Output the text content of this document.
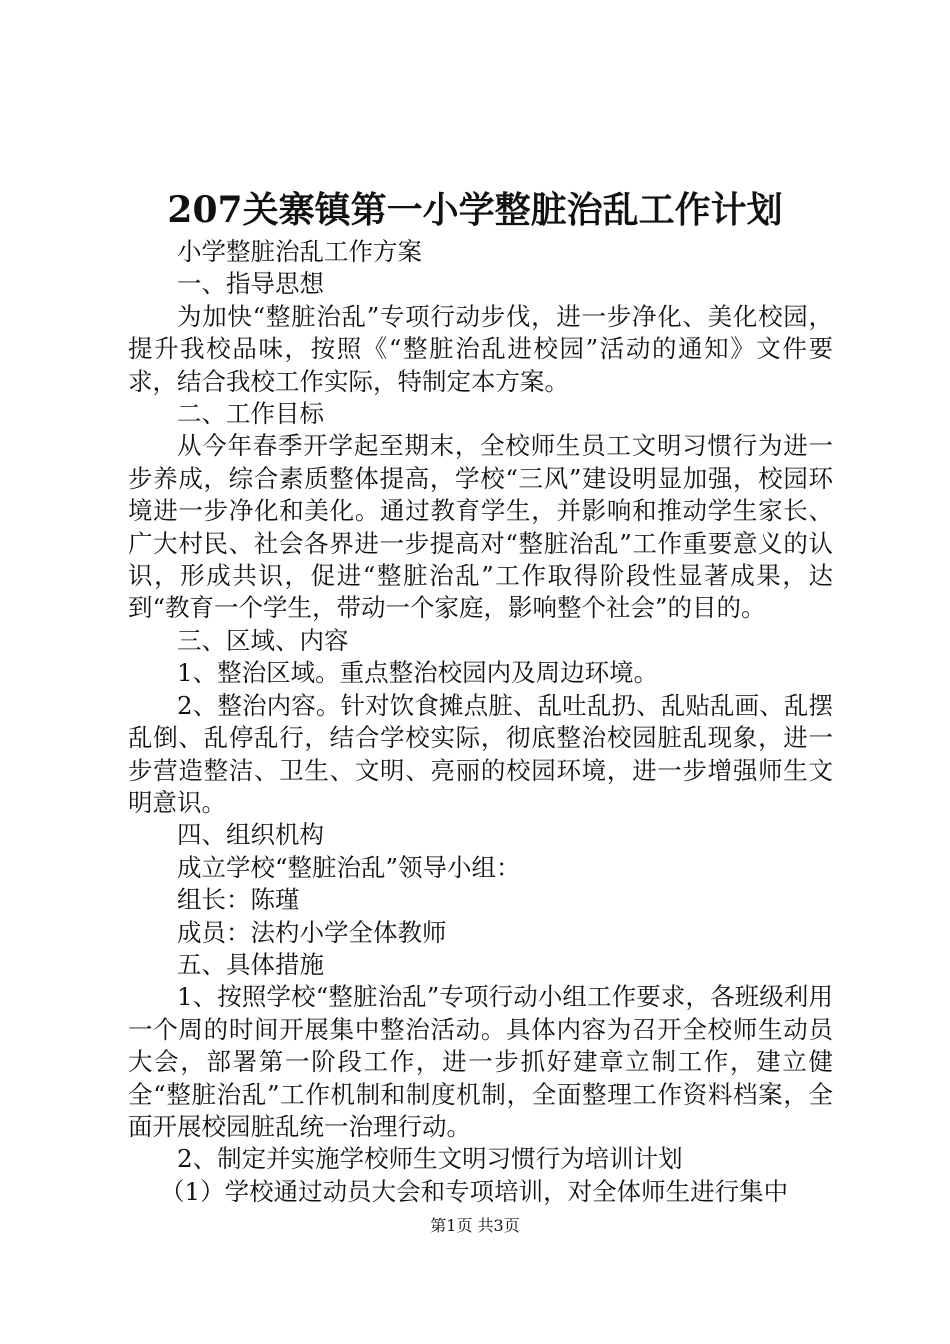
207关寨镇第一小学整脏治乱工作计划

小学整脏治乱工作方案

一、指导思想

为加快“整脏治乱”专项行动步伐，进一步净化、美化校园，提升我校品味，按照《“整脏治乱进校园”活动的通知》文件要求，结合我校工作实际，特制定本方案。

二、工作目标

从今年春季开学起至期末，全校师生员工文明习惯行为进一步养成，综合素质整体提高，学校“三风”建设明显加强，校园环境进一步净化和美化。通过教育学生，并影响和推动学生家长、广大村民、社会各界进一步提高对“整脏治乱”工作重要意义的认识，形成共识，促进“整脏治乱”工作取得阶段性显著成果，达到“教育一个学生，带动一个家庭，影响整个社会”的目的。

三、区域、内容

1、整治区域。重点整治校园内及周边环境。

2、整治内容。针对饮食摊点脏、乱吐乱扔、乱贴乱画、乱摆乱倒、乱停乱行，结合学校实际，彻底整治校园脏乱现象，进一步营造整洁、卫生、文明、亮丽的校园环境，进一步增强师生文明意识。

四、组织机构

成立学校“整脏治乱”领导小组：

组长：陈瑾

成员：法杓小学全体教师

五、具体措施

1、按照学校“整脏治乱”专项行动小组工作要求，各班级利用一个周的时间开展集中整治活动。具体内容为召开全校师生动员大会，部署第一阶段工作，进一步抓好建章立制工作，建立健全“整脏治乱”工作机制和制度机制，全面整理工作资料档案，全面开展校园脏乱统一治理行动。

2、制定并实施学校师生文明习惯行为培训计划

（1）学校通过动员大会和专项培训，对全体师生进行集中

第1页 共3页
